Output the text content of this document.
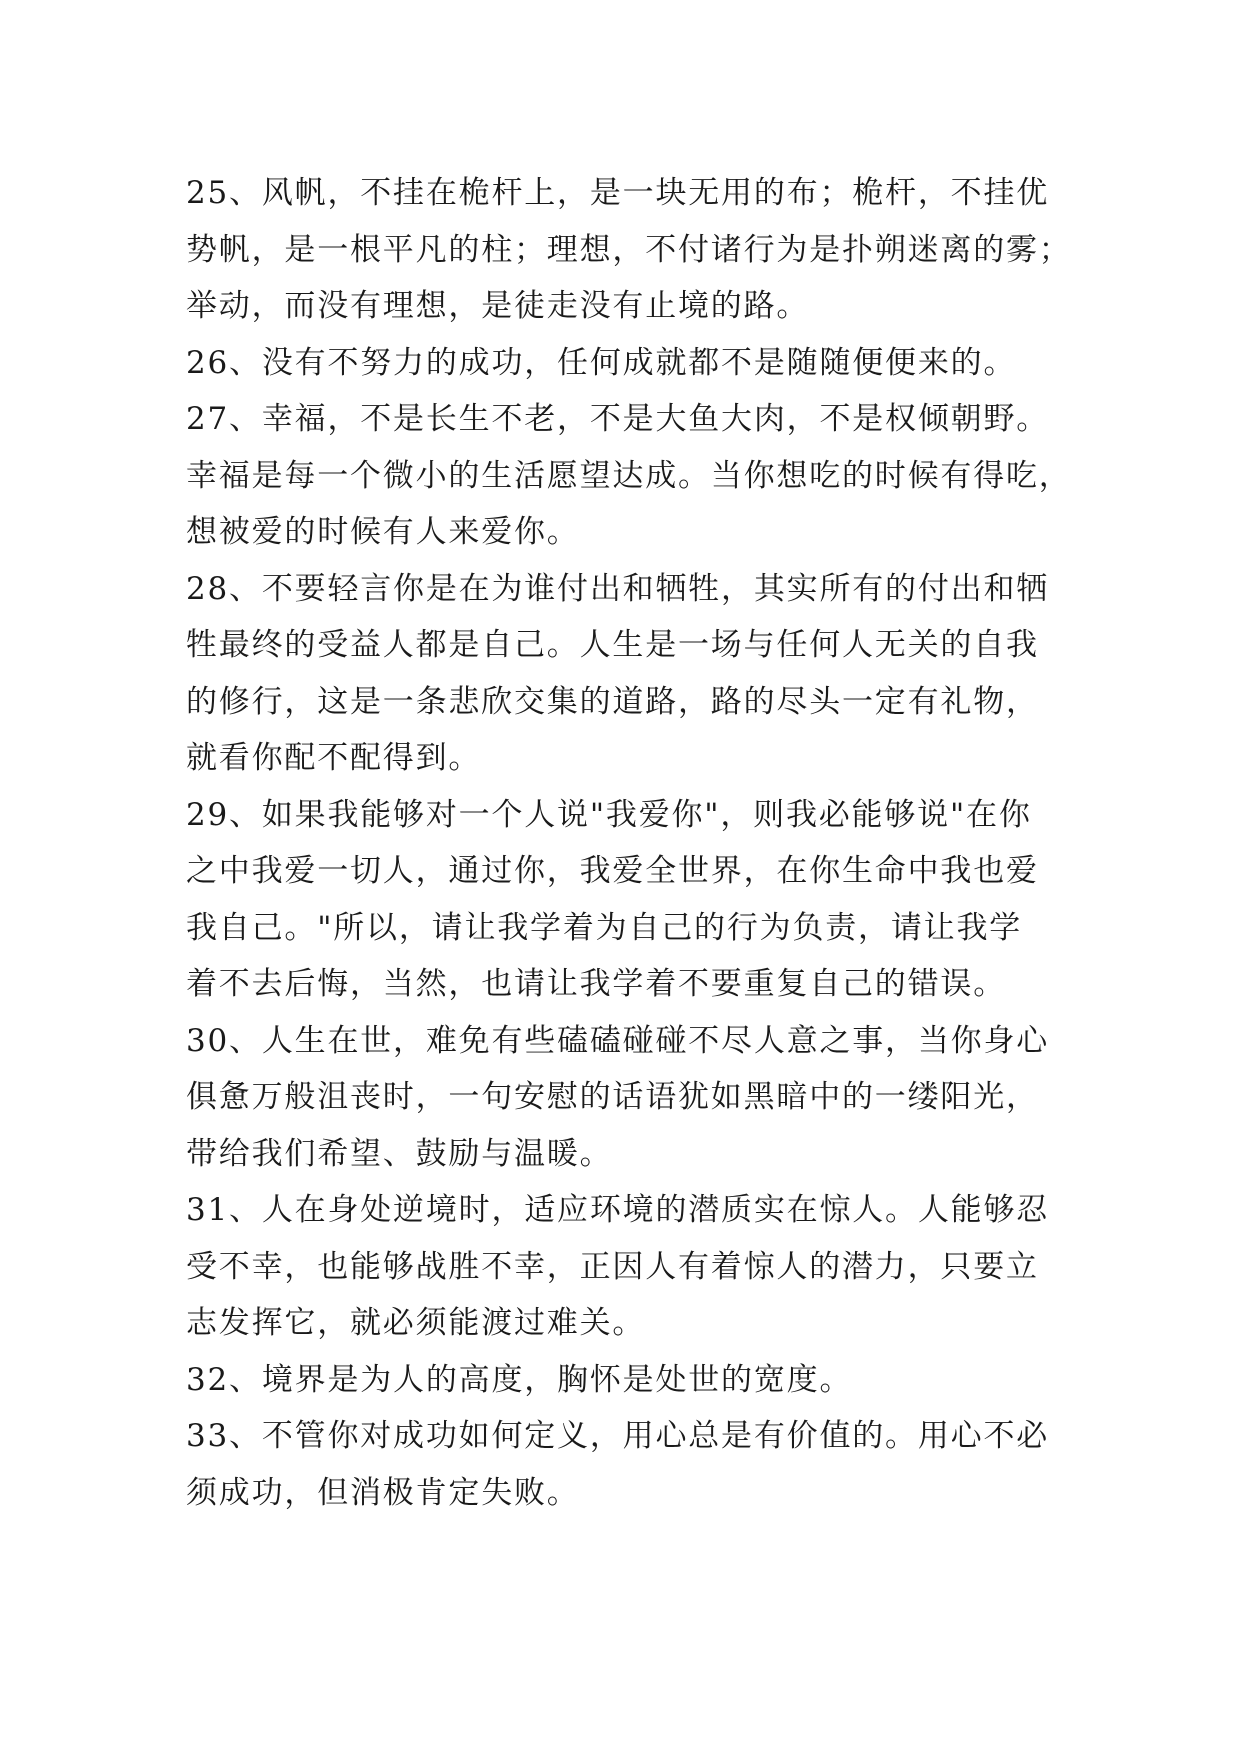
25、风帆，不挂在桅杆上，是一块无用的布；桅杆，不挂优
势帆，是一根平凡的柱；理想，不付诸行为是扑朔迷离的雾；
举动，而没有理想，是徒走没有止境的路。
26、没有不努力的成功，任何成就都不是随随便便来的。
27、幸福，不是长生不老，不是大鱼大肉，不是权倾朝野。
幸福是每一个微小的生活愿望达成。当你想吃的时候有得吃，
想被爱的时候有人来爱你。
28、不要轻言你是在为谁付出和牺牲，其实所有的付出和牺
牲最终的受益人都是自己。人生是一场与任何人无关的自我
的修行，这是一条悲欣交集的道路，路的尽头一定有礼物，
就看你配不配得到。
29、如果我能够对一个人说"我爱你"，则我必能够说"在你
之中我爱一切人，通过你，我爱全世界，在你生命中我也爱
我自己。"所以，请让我学着为自己的行为负责，请让我学
着不去后悔，当然，也请让我学着不要重复自己的错误。
30、人生在世，难免有些磕磕碰碰不尽人意之事，当你身心
俱惫万般沮丧时，一句安慰的话语犹如黑暗中的一缕阳光，
带给我们希望、鼓励与温暖。
31、人在身处逆境时，适应环境的潜质实在惊人。人能够忍
受不幸，也能够战胜不幸，正因人有着惊人的潜力，只要立
志发挥它，就必须能渡过难关。
32、境界是为人的高度，胸怀是处世的宽度。
33、不管你对成功如何定义，用心总是有价值的。用心不必
须成功，但消极肯定失败。
